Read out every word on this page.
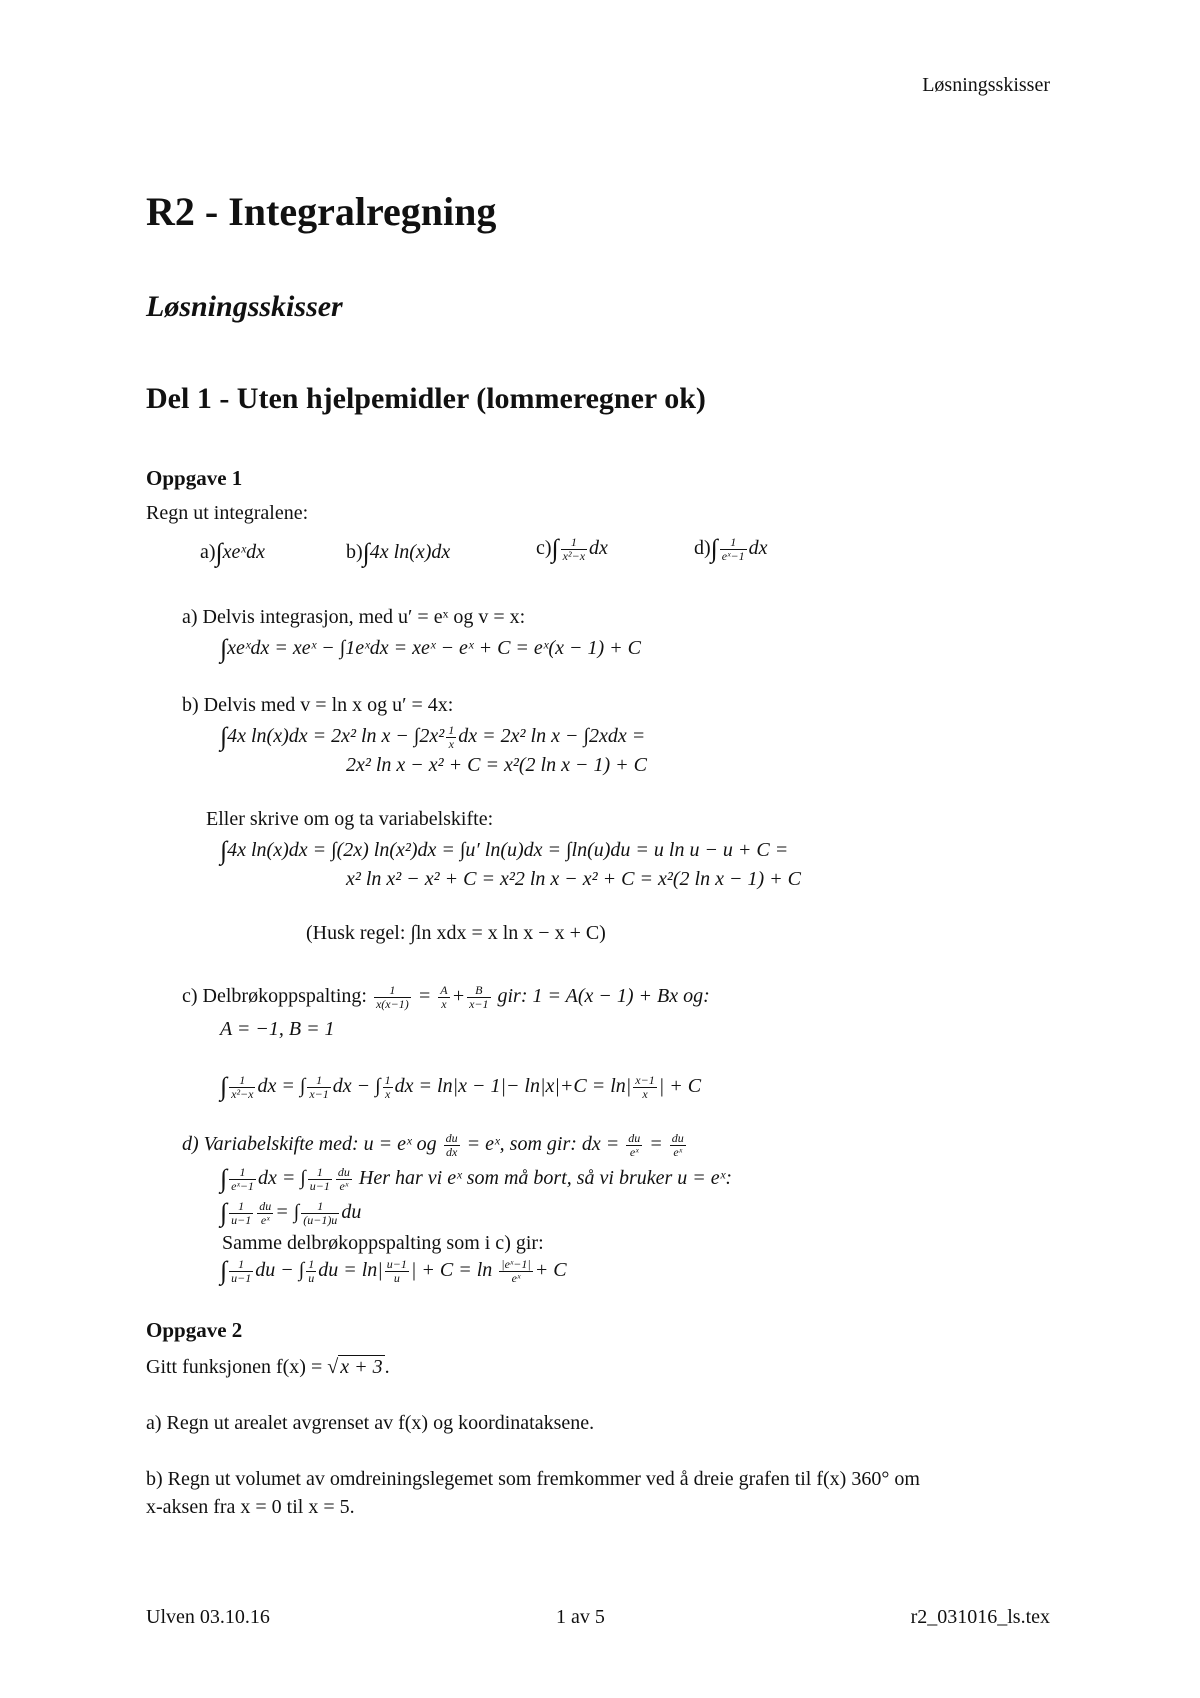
Løsningsskisser
R2 - Integralregning
Løsningsskisser
Del 1 - Uten hjelpemidler (lommeregner ok)
Oppgave 1
Regn ut integralene:
a)∫xeˣdx	b)∫4x ln(x)dx	$c)\int \frac{1}{\text{x²−x}}$ dx	$d)\int \frac{1}{\text{eˣ−1}}$ dx
a) Delvis integrasjon, med u′ = eˣ og v = x:
∫xeˣdx = xeˣ − ∫1eˣdx = xeˣ − eˣ + C = eˣ(x − 1) + C
b) Delvis med v = ln x og u′ = 4x:
∫4x ln(x)dx = 2x² $\ln x - \int 2x^2 \frac{1}{x}$ dx = 2x² ln x − ∫2xdx =
2x² ln x − x² + C = x²(2 ln x − 1) + C
Eller skrive om og ta variabelskifte:
∫4x ln(x)dx = ∫(2x) ln(x²)dx = ∫u′ ln(u)dx = ∫ln(u)du = u ln u − u + C =
x² ln x² − x² + C = x²2 ln x − x² + C = x²(2 ln x − 1) + C
(Husk regel: ∫ln xdx = x ln x − x + C)
c) Delbrøkoppspalting: $\frac{1}{x(x-1)} = \frac{A}{x} + \frac{B}{x-1}$ gir: 1 = A(x − 1) + Bx og:
A = −1, B = 1
∫ $\frac{1}{\text{x²−x}}$ dx = ∫ $\frac{1}{x-1}$ dx − ∫ $\frac{1}{x}$ dx = $\ln|x - 1|- \ln|x|+C = \ln| \frac{x-1}{x}$ | + C
d) Variabelskifte med: u = eˣ og $\frac{du}{dx}$ = eˣ, som gir: dx = $\frac{du}{\text{eˣ}} = \frac{du}{\text{eˣ}}$
∫ $\frac{1}{\text{eˣ−1}}$ dx = ∫ $\frac{1}{u-1} \frac{du}{\text{eˣ}}$ Her har vi eˣ som må bort, så vi bruker u = eˣ:
∫ $\frac{1}{u-1} \frac{du}{\text{eˣ}}$ = ∫ $\frac{1}{(u-1)u}$ du
Samme delbrøkoppspalting som i c) gir:
∫ $\frac{1}{u-1}$ du − ∫ $\frac{1}{u}$ du = $\ln| \frac{u-1}{u}$ | + $C = \ln \frac{\text{|eˣ−1|}}{\text{eˣ}} + C$
Oppgave 2
Gitt funksjonen f(x) = √ x + 3 .
a) Regn ut arealet avgrenset av f(x) og koordinataksene.
b) Regn ut volumet av omdreiningslegemet som fremkommer ved å dreie grafen til f(x) 360° om
x-aksen fra x = 0 til x = 5.
Ulven 03.10.16	1 av 5	r2_031016_ls.tex
